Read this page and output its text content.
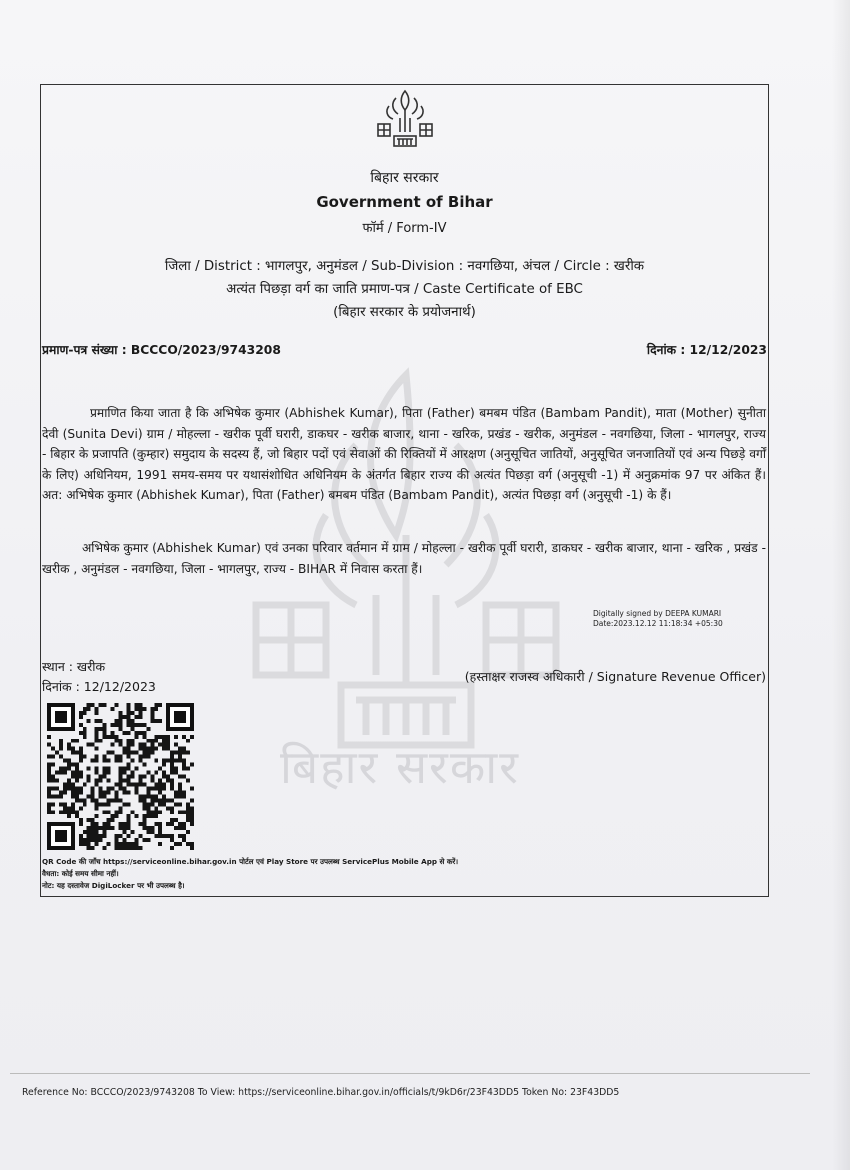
बिहार सरकार
बिहार सरकार
Government of Bihar
फॉर्म / Form-IV
जिला / District : भागलपुर, अनुमंडल / Sub-Division : नवगछिया, अंचल / Circle : खरीक
अत्यंत पिछड़ा वर्ग का जाति प्रमाण-पत्र / Caste Certificate of EBC
(बिहार सरकार के प्रयोजनार्थ)
प्रमाण-पत्र संख्या : BCCCO/2023/9743208	दिनांक : 12/12/2023
प्रमाणित किया जाता है कि अभिषेक कुमार (Abhishek Kumar), पिता (Father) बमबम पंडित (Bambam Pandit), माता (Mother) सुनीता देवी (Sunita Devi) ग्राम / मोहल्ला - खरीक पूर्वी घरारी, डाकघर - खरीक बाजार, थाना - खरिक, प्रखंड - खरीक, अनुमंडल - नवगछिया, जिला - भागलपुर, राज्य - बिहार के प्रजापति (कुम्हार) समुदाय के सदस्य हैं, जो बिहार पदों एवं सेवाओं की रिक्तियों में आरक्षण (अनुसूचित जातियों, अनुसूचित जनजातियों एवं अन्य पिछड़े वर्गों के लिए) अधिनियम, 1991 समय-समय पर यथासंशोधित अधिनियम के अंतर्गत बिहार राज्य की अत्यंत पिछड़ा वर्ग (अनुसूची -1) में अनुक्रमांक 97 पर अंकित हैं। अत: अभिषेक कुमार (Abhishek Kumar), पिता (Father) बमबम पंडित (Bambam Pandit), अत्यंत पिछड़ा वर्ग (अनुसूची -1) के हैं।
अभिषेक कुमार (Abhishek Kumar) एवं उनका परिवार वर्तमान में ग्राम / मोहल्ला - खरीक पूर्वी घरारी, डाकघर - खरीक बाजार, थाना - खरिक , प्रखंड - खरीक , अनुमंडल - नवगछिया, जिला - भागलपुर, राज्य - BIHAR में निवास करता हैं।
Digitally signed by DEEPA KUMARI
Date:2023.12.12 11:18:34 +05:30
स्थान : खरीक
दिनांक : 12/12/2023
(हस्ताक्षर राजस्व अधिकारी / Signature Revenue Officer)
QR Code की जाँच https://serviceonline.bihar.gov.in पोर्टल एवं Play Store पर उपलब्ध ServicePlus Mobile App से करें।
वैधता: कोई समय सीमा नहीं।
नोट: यह दस्तावेज DigiLocker पर भी उपलब्ध है।
Reference No: BCCCO/2023/9743208 To View: https://serviceonline.bihar.gov.in/officials/t/9kD6r/23F43DD5 Token No: 23F43DD5
